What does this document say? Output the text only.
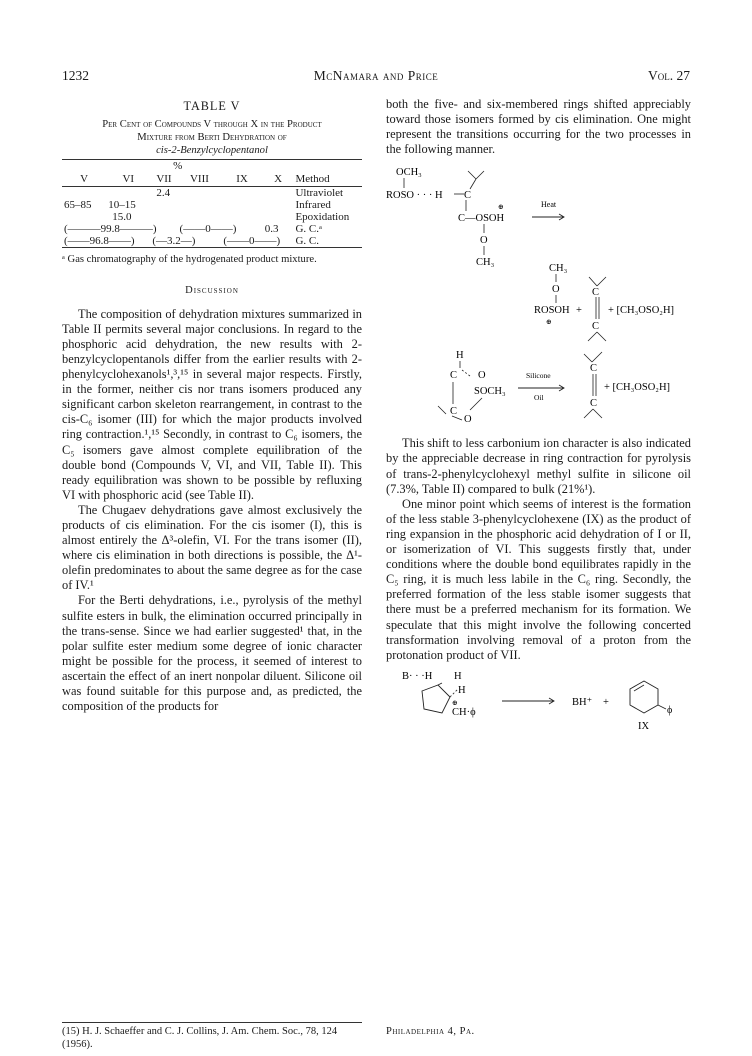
1232	McNamara and Price	Vol. 27
TABLE V
Per Cent of Compounds V through X in the Product
Mixture from Berti Dehydration of
cis-2-Benzylcyclopentanol
%						
V	VI	VII	VIII	IX	X	Method
		2.4				Ultraviolet
65–85	10–15					Infrared
	15.0					Epoxidation
(———99.8———)			(——0——)		0.3	G. C.ᵃ
(——96.8——)		(—3.2—)		(——0——)		G. C.
ᵃ Gas chromatography of the hydrogenated product mixture.
Discussion

The composition of dehydration mixtures summarized in Table II permits several major conclusions. In regard to the phosphoric acid dehydration, the new results with 2-benzylcyclopentanols differ from the earlier results with 2-phenylcyclohexanols¹,³,¹⁵ in several major respects. Firstly, in the former, neither cis nor trans isomers produced any significant carbon skeleton rearrangement, in contrast to the cis-C₆ isomer (III) for which the major products involved ring contraction.¹,¹⁵ Secondly, in contrast to C₆ isomers, the C₅ isomers gave almost complete equilibration of the double bond (Compounds V, VI, and VII, Table II). This ready equilibration was shown to be possible by refluxing VI with phosphoric acid (see Table II).

The Chugaev dehydrations gave almost exclusively the products of cis elimination. For the cis isomer (I), this is almost entirely the Δ³-olefin, VI. For the trans isomer (II), where cis elimination in both directions is possible, the Δ¹-olefin predominates to about the same degree as for the case of IV.¹

For the Berti dehydrations, i.e., pyrolysis of the methyl sulfite esters in bulk, the elimination occurred principally in the trans-sense. Since we had earlier suggested¹ that, in the polar sulfite ester medium some degree of ionic character might be possible for the process, it seemed of interest to ascertain the effect of an inert nonpolar diluent. Silicone oil was found suitable for this purpose and, as predicted, the composition of the products for

(15) H. J. Schaeffer and C. J. Collins, J. Am. Chem. Soc., 78, 124 (1956).

both the five- and six-membered rings shifted appreciably toward those isomers formed by cis elimination. One might represent the transitions occurring for the two processes in the following manner.

OCH₃
ROSO · · · H C
⊕
C—OSOH
Heat
O
CH₃
CH₃
O
ROSOH
⊕
+
C
C
+ [CH₃OSO₂H]
H
C
C
O
SOCH₃
O
Silicone
Oil
C
C
+ [CH₃OSO₂H]

This shift to less carbonium ion character is also indicated by the appreciable decrease in ring contraction for pyrolysis of trans-2-phenylcyclohexyl methyl sulfite in silicone oil (7.3%, Table II) compared to bulk (21%¹).

One minor point which seems of interest is the formation of the less stable 3-phenylcyclohexene (IX) as the product of ring expansion in the phosphoric acid dehydration of I or II, or isomerization of VI. This suggests firstly that, under conditions where the double bond equilibrates rapidly in the C₅ ring, it is much less labile in the C₆ ring. Secondly, the preferred formation of the less stable isomer suggests that there must be a preferred mechanism for its formation. We speculate that this might involve the following concerted transformation involving removal of a proton from the protonation product of VII.

B· · ·H H
H
⊕
CH·ϕ
BH⁺ +
ϕ
IX
Philadelphia 4, Pa.
